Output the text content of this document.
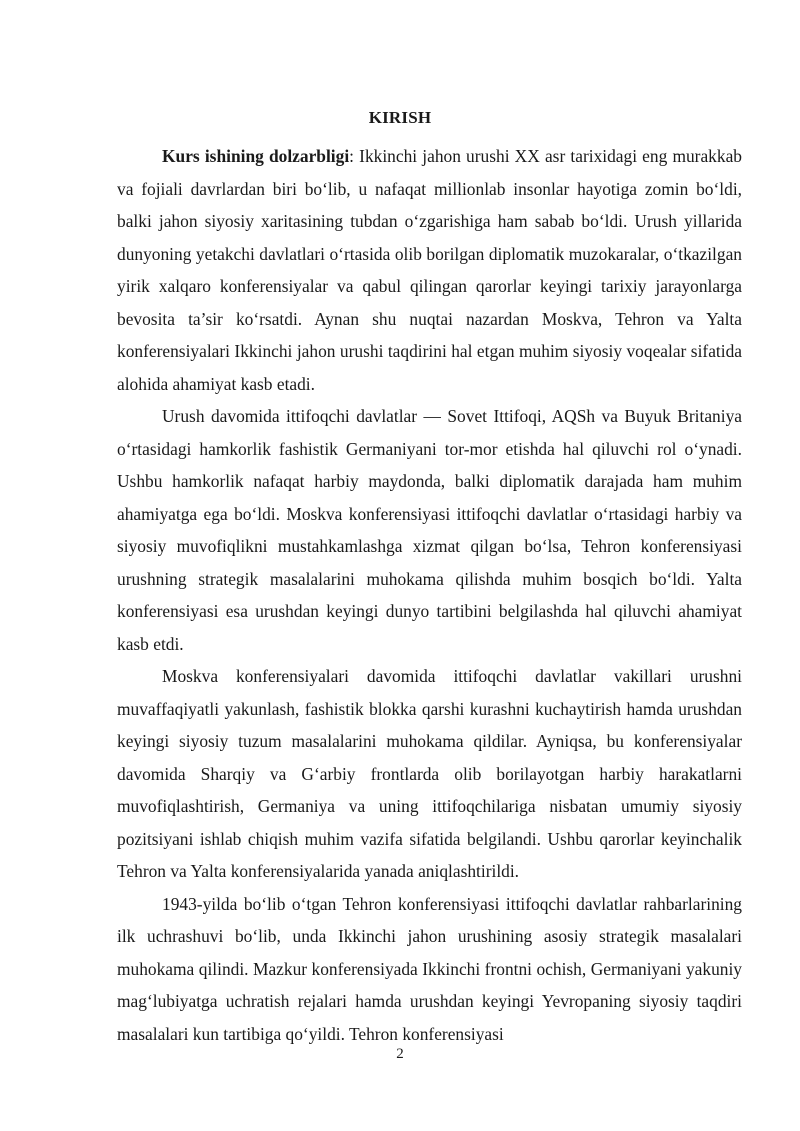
KIRISH

Kurs ishining dolzarbligi: Ikkinchi jahon urushi XX asr tarixidagi eng murakkab va fojiali davrlardan biri bo‘lib, u nafaqat millionlab insonlar hayotiga zomin bo‘ldi, balki jahon siyosiy xaritasining tubdan o‘zgarishiga ham sabab bo‘ldi. Urush yillarida dunyoning yetakchi davlatlari o‘rtasida olib borilgan diplomatik muzokaralar, o‘tkazilgan yirik xalqaro konferensiyalar va qabul qilingan qarorlar keyingi tarixiy jarayonlarga bevosita ta’sir ko‘rsatdi. Aynan shu nuqtai nazardan Moskva, Tehron va Yalta konferensiyalari Ikkinchi jahon urushi taqdirini hal etgan muhim siyosiy voqealar sifatida alohida ahamiyat kasb etadi.

Urush davomida ittifoqchi davlatlar — Sovet Ittifoqi, AQSh va Buyuk Britaniya o‘rtasidagi hamkorlik fashistik Germaniyani tor-mor etishda hal qiluvchi rol o‘ynadi. Ushbu hamkorlik nafaqat harbiy maydonda, balki diplomatik darajada ham muhim ahamiyatga ega bo‘ldi. Moskva konferensiyasi ittifoqchi davlatlar o‘rtasidagi harbiy va siyosiy muvofiqlikni mustahkamlashga xizmat qilgan bo‘lsa, Tehron konferensiyasi urushning strategik masalalarini muhokama qilishda muhim bosqich bo‘ldi. Yalta konferensiyasi esa urushdan keyingi dunyo tartibini belgilashda hal qiluvchi ahamiyat kasb etdi.

Moskva konferensiyalari davomida ittifoqchi davlatlar vakillari urushni muvaffaqiyatli yakunlash, fashistik blokka qarshi kurashni kuchaytirish hamda urushdan keyingi siyosiy tuzum masalalarini muhokama qildilar. Ayniqsa, bu konferensiyalar davomida Sharqiy va G‘arbiy frontlarda olib borilayotgan harbiy harakatlarni muvofiqlashtirish, Germaniya va uning ittifoqchilariga nisbatan umumiy siyosiy pozitsiyani ishlab chiqish muhim vazifa sifatida belgilandi. Ushbu qarorlar keyinchalik Tehron va Yalta konferensiyalarida yanada aniqlashtirildi.

1943-yilda bo‘lib o‘tgan Tehron konferensiyasi ittifoqchi davlatlar rahbarlarining ilk uchrashuvi bo‘lib, unda Ikkinchi jahon urushining asosiy strategik masalalari muhokama qilindi. Mazkur konferensiyada Ikkinchi frontni ochish, Germaniyani yakuniy mag‘lubiyatga uchratish rejalari hamda urushdan keyingi Yevropaning siyosiy taqdiri masalalari kun tartibiga qo‘yildi. Tehron konferensiyasi

2
